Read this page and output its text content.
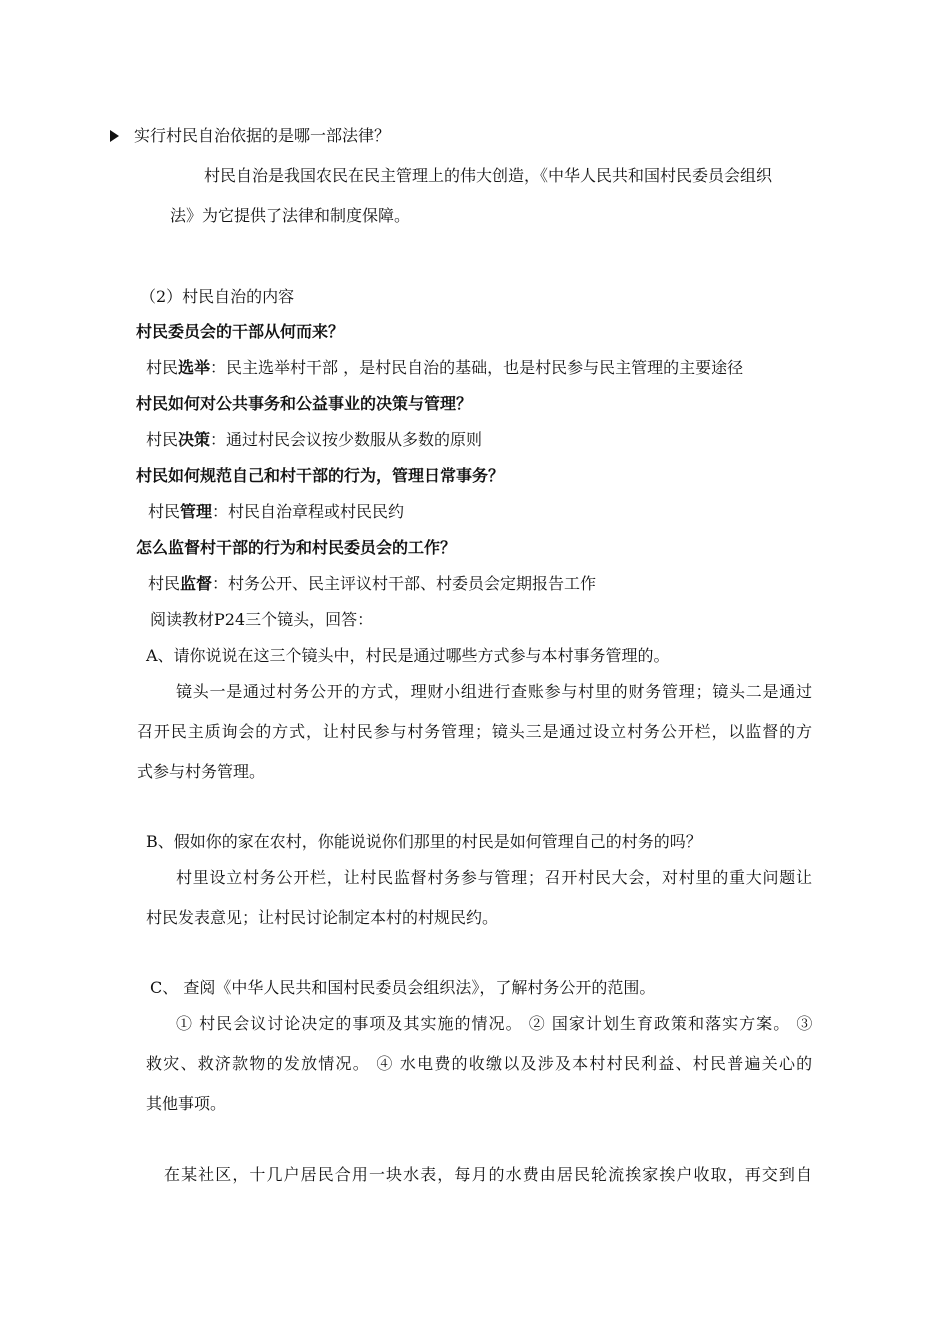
实行村民自治依据的是哪一部法律？
村民自治是我国农民在民主管理上的伟大创造，《中华人民共和国村民委员会组织
法》为它提供了法律和制度保障。
（2）村民自治的内容
村民委员会的干部从何而来？
村民选举：民主选举村干部 ，是村民自治的基础，也是村民参与民主管理的主要途径
村民如何对公共事务和公益事业的决策与管理？
村民决策：通过村民会议按少数服从多数的原则
村民如何规范自己和村干部的行为，管理日常事务？
村民管理：村民自治章程或村民民约
怎么监督村干部的行为和村民委员会的工作？
村民监督：村务公开、民主评议村干部、村委员会定期报告工作
阅读教材P24三个镜头，回答：
A、请你说说在这三个镜头中，村民是通过哪些方式参与本村事务管理的。
镜头一是通过村务公开的方式，理财小组进行查账参与村里的财务管理；镜头二是通过
召开民主质询会的方式，让村民参与村务管理；镜头三是通过设立村务公开栏，以监督的方
式参与村务管理。
B、假如你的家在农村，你能说说你们那里的村民是如何管理自己的村务的吗？
村里设立村务公开栏，让村民监督村务参与管理；召开村民大会，对村里的重大问题让
村民发表意见；让村民讨论制定本村的村规民约。
C、 查阅《中华人民共和国村民委员会组织法》，了解村务公开的范围。
① 村民会议讨论决定的事项及其实施的情况。 ② 国家计划生育政策和落实方案。 ③
救灾、救济款物的发放情况。 ④ 水电费的收缴以及涉及本村村民利益、村民普遍关心的
其他事项。
在某社区，十几户居民合用一块水表，每月的水费由居民轮流挨家挨户收取，再交到自
